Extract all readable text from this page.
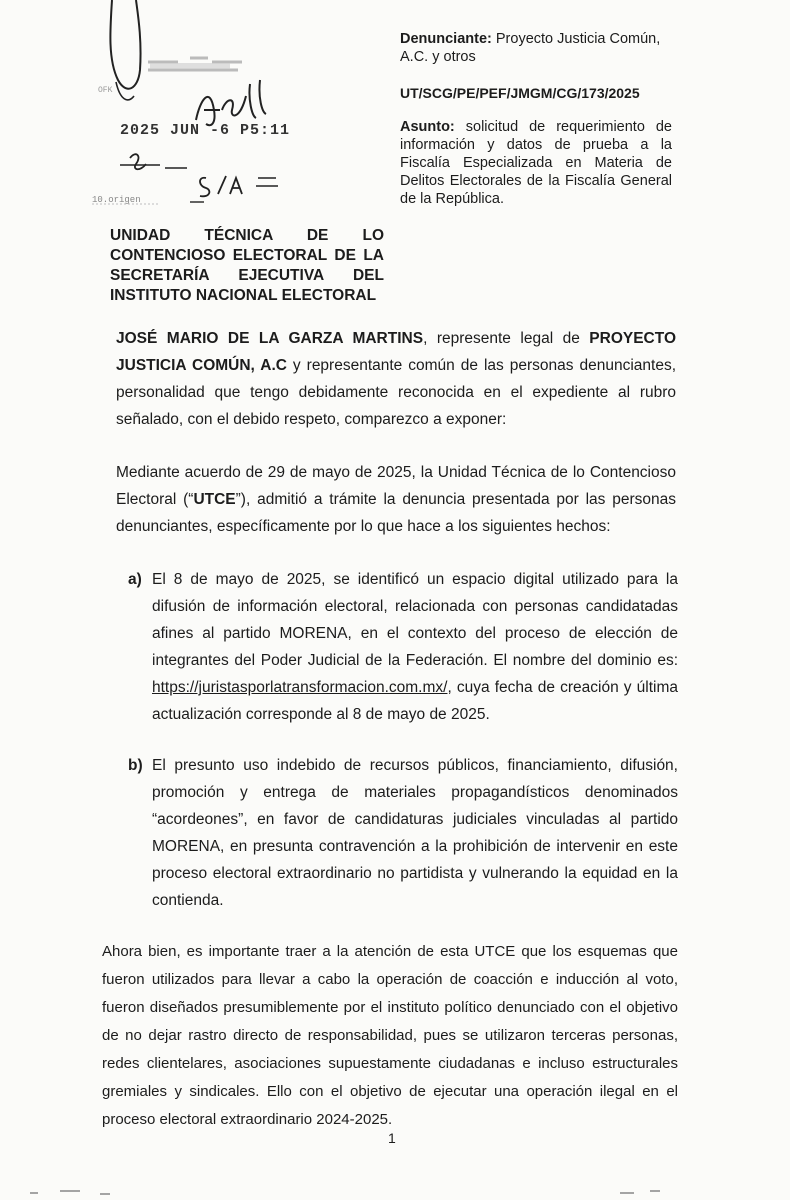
OFK
2025 JUN -6 P5:11
10.origen

Denunciante: Proyecto Justicia Común, A.C. y otros

UT/SCG/PE/PEF/JMGM/CG/173/2025

Asunto: solicitud de requerimiento de información y datos de prueba a la Fiscalía Especializada en Materia de Delitos Electorales de la Fiscalía General de la República.

UNIDAD TÉCNICA DE LO CONTENCIOSO ELECTORAL DE LA SECRETARÍA EJECUTIVA DEL INSTITUTO NACIONAL ELECTORAL

JOSÉ MARIO DE LA GARZA MARTINS, represente legal de PROYECTO JUSTICIA COMÚN, A.C y representante común de las personas denunciantes, personalidad que tengo debidamente reconocida en el expediente al rubro señalado, con el debido respeto, comparezco a exponer:

Mediante acuerdo de 29 de mayo de 2025, la Unidad Técnica de lo Contencioso Electoral (“UTCE”), admitió a trámite la denuncia presentada por las personas denunciantes, específicamente por lo que hace a los siguientes hechos:

a) El 8 de mayo de 2025, se identificó un espacio digital utilizado para la difusión de información electoral, relacionada con personas candidatadas afines al partido MORENA, en el contexto del proceso de elección de integrantes del Poder Judicial de la Federación. El nombre del dominio es: https://juristasporlatransformacion.com.mx/, cuya fecha de creación y última actualización corresponde al 8 de mayo de 2025.
b) El presunto uso indebido de recursos públicos, financiamiento, difusión, promoción y entrega de materiales propagandísticos denominados “acordeones”, en favor de candidaturas judiciales vinculadas al partido MORENA, en presunta contravención a la prohibición de intervenir en este proceso electoral extraordinario no partidista y vulnerando la equidad en la contienda.

Ahora bien, es importante traer a la atención de esta UTCE que los esquemas que fueron utilizados para llevar a cabo la operación de coacción e inducción al voto, fueron diseñados presumiblemente por el instituto político denunciado con el objetivo de no dejar rastro directo de responsabilidad, pues se utilizaron terceras personas, redes clientelares, asociaciones supuestamente ciudadanas e incluso estructurales gremiales y sindicales. Ello con el objetivo de ejecutar una operación ilegal en el proceso electoral extraordinario 2024-2025.

1
